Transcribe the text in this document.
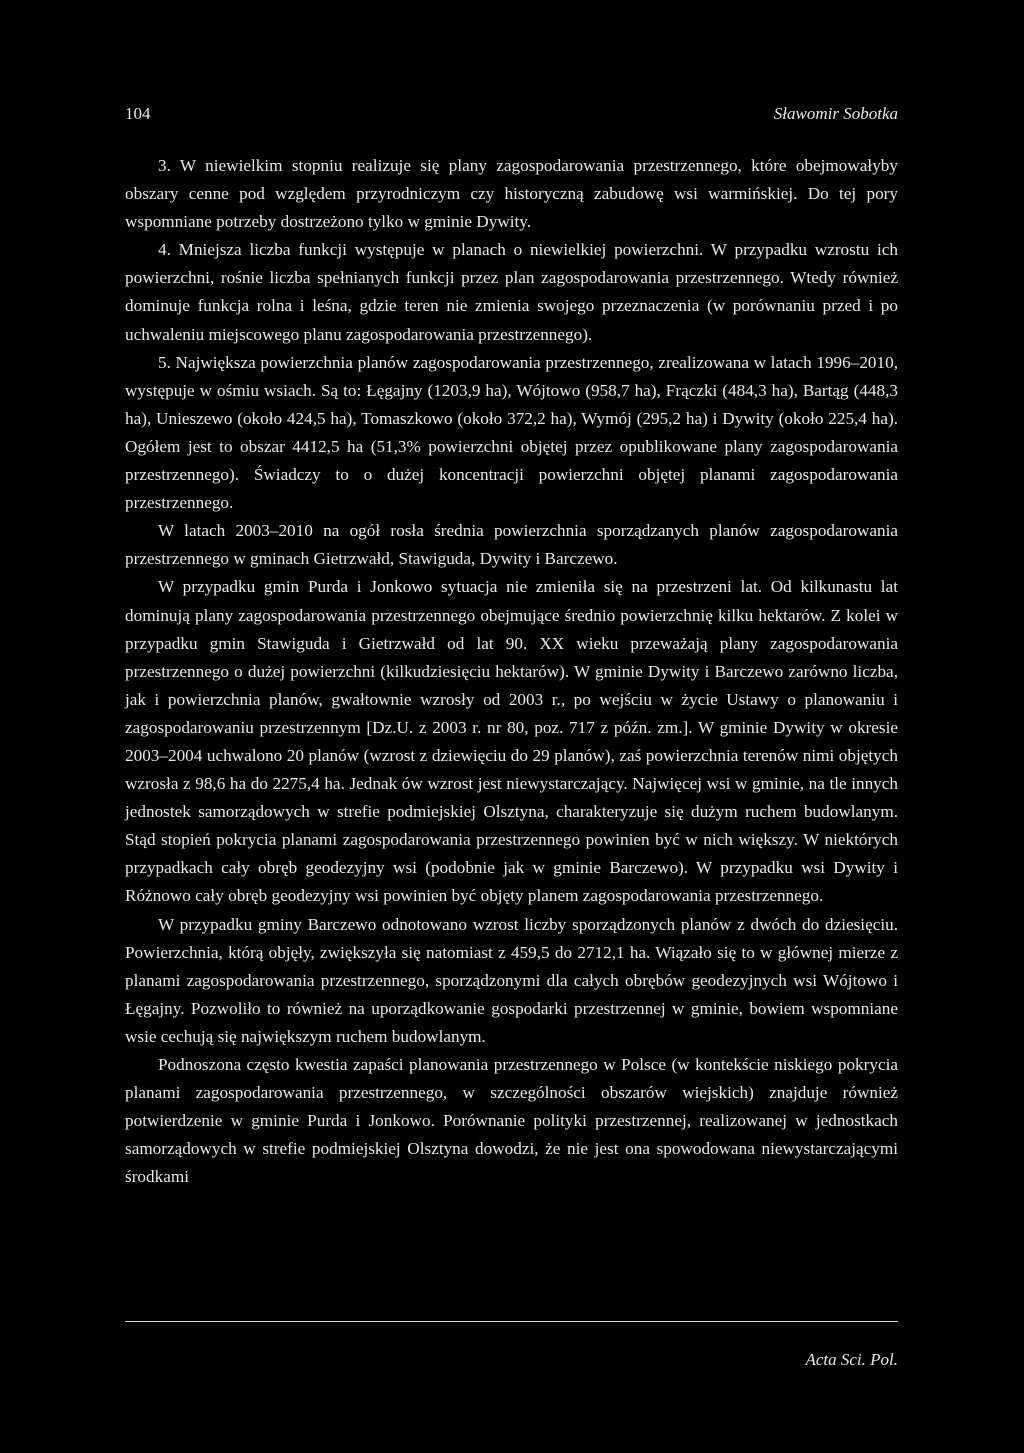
104	Sławomir Sobotka

3. W niewielkim stopniu realizuje się plany zagospodarowania przestrzennego, które obejmowałyby obszary cenne pod względem przyrodniczym czy historyczną zabudowę wsi warmińskiej. Do tej pory wspomniane potrzeby dostrzeżono tylko w gminie Dywity.

4. Mniejsza liczba funkcji występuje w planach o niewielkiej powierzchni. W przypadku wzrostu ich powierzchni, rośnie liczba spełnianych funkcji przez plan zagospodarowania przestrzennego. Wtedy również dominuje funkcja rolna i leśna, gdzie teren nie zmienia swojego przeznaczenia (w porównaniu przed i po uchwaleniu miejscowego planu zagospodarowania przestrzennego).

5. Największa powierzchnia planów zagospodarowania przestrzennego, zrealizowana w latach 1996–2010, występuje w ośmiu wsiach. Są to: Łęgajny (1203,9 ha), Wójtowo (958,7 ha), Frączki (484,3 ha), Bartąg (448,3 ha), Unieszewo (około 424,5 ha), Tomaszkowo (około 372,2 ha), Wymój (295,2 ha) i Dywity (około 225,4 ha). Ogółem jest to obszar 4412,5 ha (51,3% powierzchni objętej przez opublikowane plany zagospodarowania przestrzennego). Świadczy to o dużej koncentracji powierzchni objętej planami zagospodarowania przestrzennego.

W latach 2003–2010 na ogół rosła średnia powierzchnia sporządzanych planów zagospodarowania przestrzennego w gminach Gietrzwałd, Stawiguda, Dywity i Barczewo.

W przypadku gmin Purda i Jonkowo sytuacja nie zmieniła się na przestrzeni lat. Od kilkunastu lat dominują plany zagospodarowania przestrzennego obejmujące średnio powierzchnię kilku hektarów. Z kolei w przypadku gmin Stawiguda i Gietrzwałd od lat 90. XX wieku przeważają plany zagospodarowania przestrzennego o dużej powierzchni (kilkudziesięciu hektarów). W gminie Dywity i Barczewo zarówno liczba, jak i powierzchnia planów, gwałtownie wzrosły od 2003 r., po wejściu w życie Ustawy o planowaniu i zagospodarowaniu przestrzennym [Dz.U. z 2003 r. nr 80, poz. 717 z późn. zm.]. W gminie Dywity w okresie 2003–2004 uchwalono 20 planów (wzrost z dziewięciu do 29 planów), zaś powierzchnia terenów nimi objętych wzrosła z 98,6 ha do 2275,4 ha. Jednak ów wzrost jest niewystarczający. Najwięcej wsi w gminie, na tle innych jednostek samorządowych w strefie podmiejskiej Olsztyna, charakteryzuje się dużym ruchem budowlanym. Stąd stopień pokrycia planami zagospodarowania przestrzennego powinien być w nich większy. W niektórych przypadkach cały obręb geodezyjny wsi (podobnie jak w gminie Barczewo). W przypadku wsi Dywity i Różnowo cały obręb geodezyjny wsi powinien być objęty planem zagospodarowania przestrzennego.

W przypadku gminy Barczewo odnotowano wzrost liczby sporządzonych planów z dwóch do dziesięciu. Powierzchnia, którą objęły, zwiększyła się natomiast z 459,5 do 2712,1 ha. Wiązało się to w głównej mierze z planami zagospodarowania przestrzennego, sporządzonymi dla całych obrębów geodezyjnych wsi Wójtowo i Łęgajny. Pozwoliło to również na uporządkowanie gospodarki przestrzennej w gminie, bowiem wspomniane wsie cechują się największym ruchem budowlanym.

Podnoszona często kwestia zapaści planowania przestrzennego w Polsce (w kontekście niskiego pokrycia planami zagospodarowania przestrzennego, w szczególności obszarów wiejskich) znajduje również potwierdzenie w gminie Purda i Jonkowo. Porównanie polityki przestrzennej, realizowanej w jednostkach samorządowych w strefie podmiejskiej Olsztyna dowodzi, że nie jest ona spowodowana niewystarczającymi środkami

Acta Sci. Pol.
